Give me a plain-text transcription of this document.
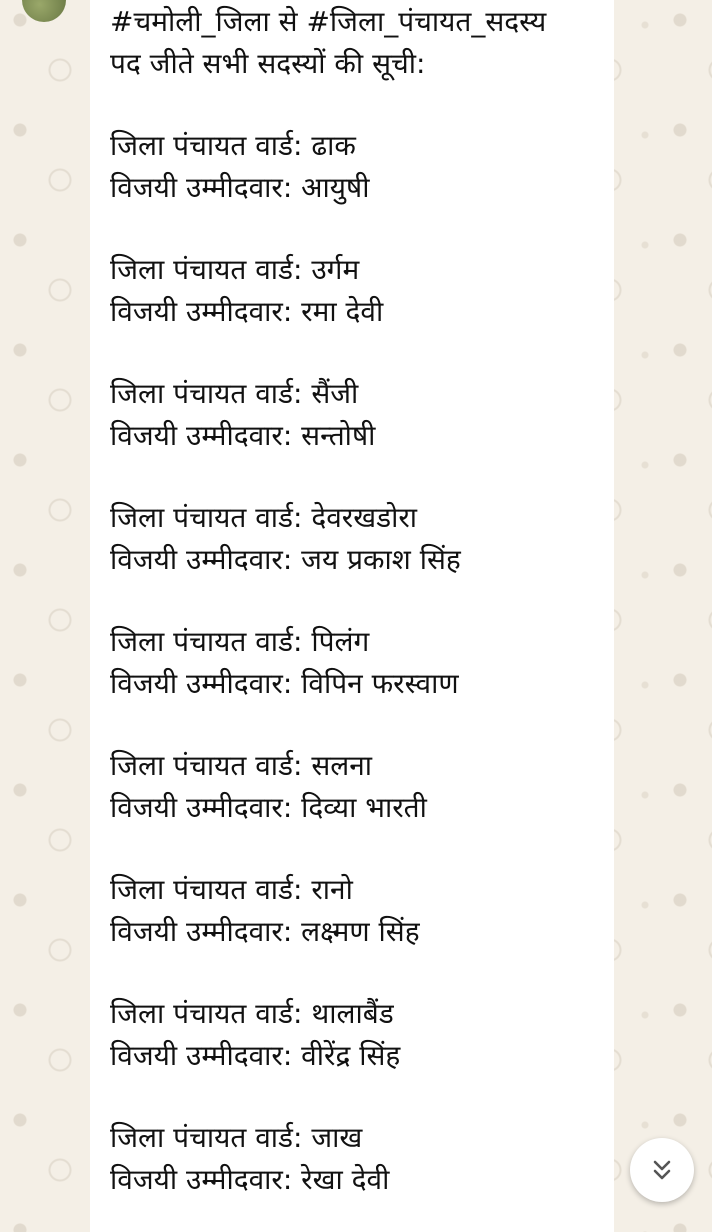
#चमोली_जिला से #जिला_पंचायत_सदस्य

पद जीते सभी सदस्यों की सूची:

जिला पंचायत वार्ड: ढाक

विजयी उम्मीदवार: आयुषी

जिला पंचायत वार्ड: उर्गम

विजयी उम्मीदवार: रमा देवी

जिला पंचायत वार्ड: सैंजी

विजयी उम्मीदवार: सन्तोषी

जिला पंचायत वार्ड: देवरखडोरा

विजयी उम्मीदवार: जय प्रकाश सिंह

जिला पंचायत वार्ड: पिलंग

विजयी उम्मीदवार: विपिन फरस्वाण

जिला पंचायत वार्ड: सलना

विजयी उम्मीदवार: दिव्या भारती

जिला पंचायत वार्ड: रानो

विजयी उम्मीदवार: लक्ष्मण सिंह

जिला पंचायत वार्ड: थालाबैंड

विजयी उम्मीदवार: वीरेंद्र सिंह

जिला पंचायत वार्ड: जाख

विजयी उम्मीदवार: रेखा देवी
